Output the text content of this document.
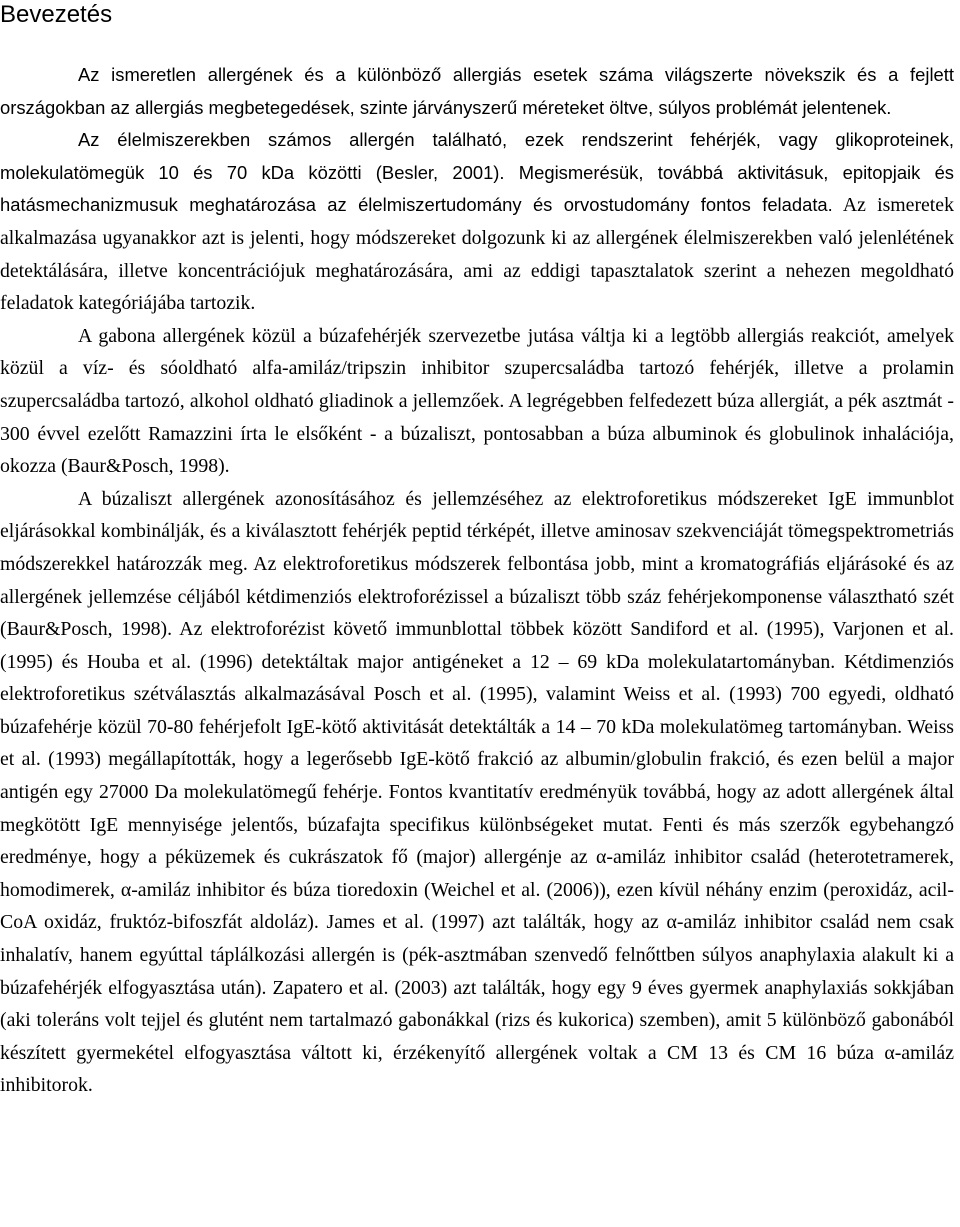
Bevezetés

Az ismeretlen allergének és a különböző allergiás esetek száma világszerte növekszik és a fejlett országokban az allergiás megbetegedések, szinte járványszerű méreteket öltve, súlyos problémát jelentenek.

Az élelmiszerekben számos allergén található, ezek rendszerint fehérjék, vagy glikoproteinek, molekulatömegük 10 és 70 kDa közötti (Besler, 2001). Megismerésük, továbbá aktivitásuk, epitopjaik és hatásmechanizmusuk meghatározása az élelmiszertudomány és orvostudomány fontos feladata. Az ismeretek alkalmazása ugyanakkor azt is jelenti, hogy módszereket dolgozunk ki az allergének élelmiszerekben való jelenlétének detektálására, illetve koncentrációjuk meghatározására, ami az eddigi tapasztalatok szerint a nehezen megoldható feladatok kategóriájába tartozik.

A gabona allergének közül a búzafehérjék szervezetbe jutása váltja ki a legtöbb allergiás reakciót, amelyek közül a víz- és sóoldható alfa-amiláz/tripszin inhibitor szupercsaládba tartozó fehérjék, illetve a prolamin szupercsaládba tartozó, alkohol oldható gliadinok a jellemzőek. A legrégebben felfedezett búza allergiát, a pék asztmát - 300 évvel ezelőtt Ramazzini írta le elsőként - a búzaliszt, pontosabban a búza albuminok és globulinok inhalációja, okozza (Baur&Posch, 1998).

A búzaliszt allergének azonosításához és jellemzéséhez az elektroforetikus módszereket IgE immunblot eljárásokkal kombinálják, és a kiválasztott fehérjék peptid térképét, illetve aminosav szekvenciáját tömegspektrometriás módszerekkel határozzák meg. Az elektroforetikus módszerek felbontása jobb, mint a kromatográfiás eljárásoké és az allergének jellemzése céljából kétdimenziós elektroforézissel a búzaliszt több száz fehérjekomponense választható szét (Baur&Posch, 1998). Az elektroforézist követő immunblottal többek között Sandiford et al. (1995), Varjonen et al. (1995) és Houba et al. (1996) detektáltak major antigéneket a 12 – 69 kDa molekulatartományban. Kétdimenziós elektroforetikus szétválasztás alkalmazásával Posch et al. (1995), valamint Weiss et al. (1993) 700 egyedi, oldható búzafehérje közül 70-80 fehérjefolt IgE-kötő aktivitását detektálták a 14 – 70 kDa molekulatömeg tartományban. Weiss et al. (1993) megállapították, hogy a legerősebb IgE-kötő frakció az albumin/globulin frakció, és ezen belül a major antigén egy 27000 Da molekulatömegű fehérje. Fontos kvantitatív eredményük továbbá, hogy az adott allergének által megkötött IgE mennyisége jelentős, búzafajta specifikus különbségeket mutat. Fenti és más szerzők egybehangzó eredménye, hogy a péküzemek és cukrászatok fő (major) allergénje az α-amiláz inhibitor család (heterotetramerek, homodimerek, α-amiláz inhibitor és búza tioredoxin (Weichel et al. (2006)), ezen kívül néhány enzim (peroxidáz, acil-CoA oxidáz, fruktóz-bifoszfát aldoláz). James et al. (1997) azt találták, hogy az α-amiláz inhibitor család nem csak inhalatív, hanem egyúttal táplálkozási allergén is (pék-asztmában szenvedő felnőttben súlyos anaphylaxia alakult ki a búzafehérjék elfogyasztása után). Zapatero et al. (2003) azt találták, hogy egy 9 éves gyermek anaphylaxiás sokkjában (aki toleráns volt tejjel és glutént nem tartalmazó gabonákkal (rizs és kukorica) szemben), amit 5 különböző gabonából készített gyermekétel elfogyasztása váltott ki, érzékenyítő allergének voltak a CM 13 és CM 16 búza α-amiláz inhibitorok.
